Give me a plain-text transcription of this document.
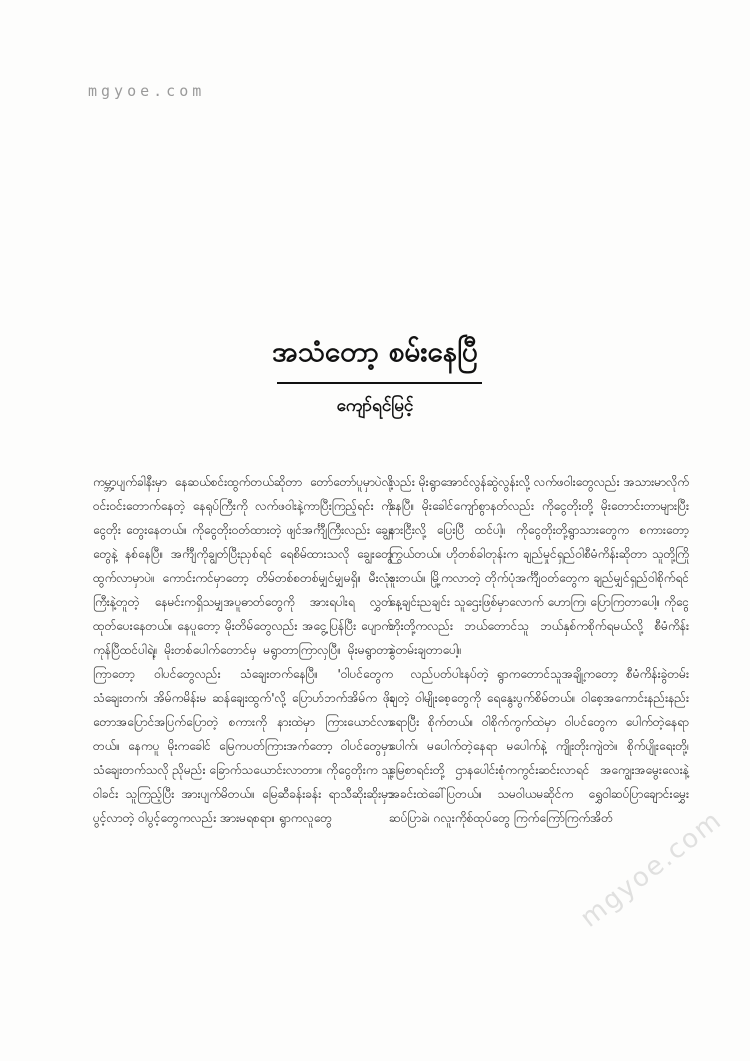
mgyoe.com
အသံတော့ စမ်းနေပြီ
ကျော်ရင်မြင့်

ကမ္ဘာ့ပျက်ခါနီးမှာ နေဆယ်စင်းထွက်တယ်ဆိုတာ တော်တော်ပူမှာပဲလို့ ဝင်းဝင်းတောက်နေတဲ့ နေရုပ်ကြီးကို လက်ဖဝါးနဲ့ကာပြီးကြည့်ရင်း ကိုငွေတိုး တွေးနေတယ်။ ကိုငွေတိုးဝတ်ထားတဲ့ ဖျင်အင်္ကျီကြီးလည်း ချွေးတွေနဲ့ နစ်နေပြီ။ အင်္ကျီကိုချွတ်ပြီးညှစ်ရင် ရေစိမ်ထားသလို ချွေးတွေထွက်လာမှာပဲ။ ကောင်းကင်မှာတော့ တိမ်တစ်စတစ်မျှင်မျှမရှိ။ မီးလုံးကြီးနဲ့တူတဲ့ နေမင်းကရှိသမျှအပူဓာတ်တွေကို အားရပါးရ လွှတ်ထုတ်ပေးနေတယ်။ နေပူတော့ မိုးတိမ်တွေလည်း အငွေ့ပြန်ပြီး ပျောက်ကုန်ပြီထင်ပါရဲ့။ မိုးတစ်ပေါက်တောင်မှ မရွာတာကြာလှပြီ။ မိုးမရွာတာကြာတော့ ဝါပင်တွေလည်း သံချေးတက်နေပြီ။ 'ဝါပင်တွေက သံချေးတက်၊ အိမ်ကမိန်းမ ဆန်ချေးထွက်'လို့ ပြောဟ်ဘက်အိမ်က ဖိုးတောအပြောင်အပြက်ပြောတဲ့ စကားကို နားထဲမှာ ကြားယောင်လာတယ်။ နေကပူ မိုးကခေါင် မြေကပတ်ကြားအက်တော့ ဝါပင်တွေမှာ သံချေးတက်သလို ညိုမည်း ခြောက်သယောင်းလာတာ။ ကိုငွေတိုးက သူ့ဝါခင်း သူကြည့်ပြီး အားပျက်မိတယ်။ မြေဆီခန်းခန်း ရာသီဆိုးဆိုးမှာ ပွင့်လာတဲ့ ဝါပွင့်တွေကလည်း အားမရစရာ။ ရွာကလူတွေ

လည်း မိုးရွာအောင်လွန်ဆွဲလွန်းလို့ လက်ဖဝါးတွေလည်း အသားမာလိုက်နေပြီ။ မိုးခေါင်ကျော်စွာနတ်လည်း ကိုငွေတိုးတို့ မိုးတောင်းတာများပြီး နားငြီးလို့ ပြေးပြီ ထင်ပါ့။ ကိုငွေတိုးတို့ရွာသားတွေက စကားတော့ ကြွယ်တယ်။ ဟိုတစ်ခါတုန်းက ချည်မှုင်ရှည်ဝါစီမံကိန်းဆိုတာ သူတို့ကြိုဖူးတယ်။ မြို့ကလာတဲ့ တိုက်ပုံအင်္ကျီဝတ်တွေက ချည်မျှင်ရှည်ဝါစိုက်ရင် နေ့ချင်းညချင်း သူဌေးဖြစ်မှာလောက် ဟောကြ၊ ပြောကြတာပေါ့။ ကိုငွေတိုးတို့ကလည်း ဘယ်တောင်သူ ဘယ်နှစ်ကစိုက်ရမယ်လို့ စီမံကိန်းခွဲတမ်းချတာပေါ့။

လည်ပတ်ပါးနပ်တဲ့ ရွာကတောင်သူအချို့ကတော့ စီမံကိန်းခွဲတမ်းချတဲ့ ဝါမျိုးစေ့တွေကို ရေနွေးပွက်စိမ်တယ်။ ဝါစေ့အကောင်းနည်းနည်းရောပြီး စိုက်တယ်။ ဝါစိုက်ကွက်ထဲမှာ ဝါပင်တွေက ပေါက်တဲ့နေရာပေါက်၊ မပေါက်တဲ့နေရာ မပေါက်နဲ့ ကျိုးတိုးကျဲတဲ။ စိုက်ပျိုးရေးတို့၊ မြေစာရင်းတို့ ဌာနပေါင်းစုံကကွင်းဆင်းလာရင် အကျွေးအမွေးလေးနဲ့ အခင်းထဲခေါ်ပြတယ်။ သမဝါယမဆိုင်က ရွှေဝါဆပ်ပြာချောင်းမွှေးဆပ်ပြာခဲ၊ ဂလူးကိုစ်ထုပ်တွေ ကြက်ကြော်ကြက်အိတ်

mgyoe.com
